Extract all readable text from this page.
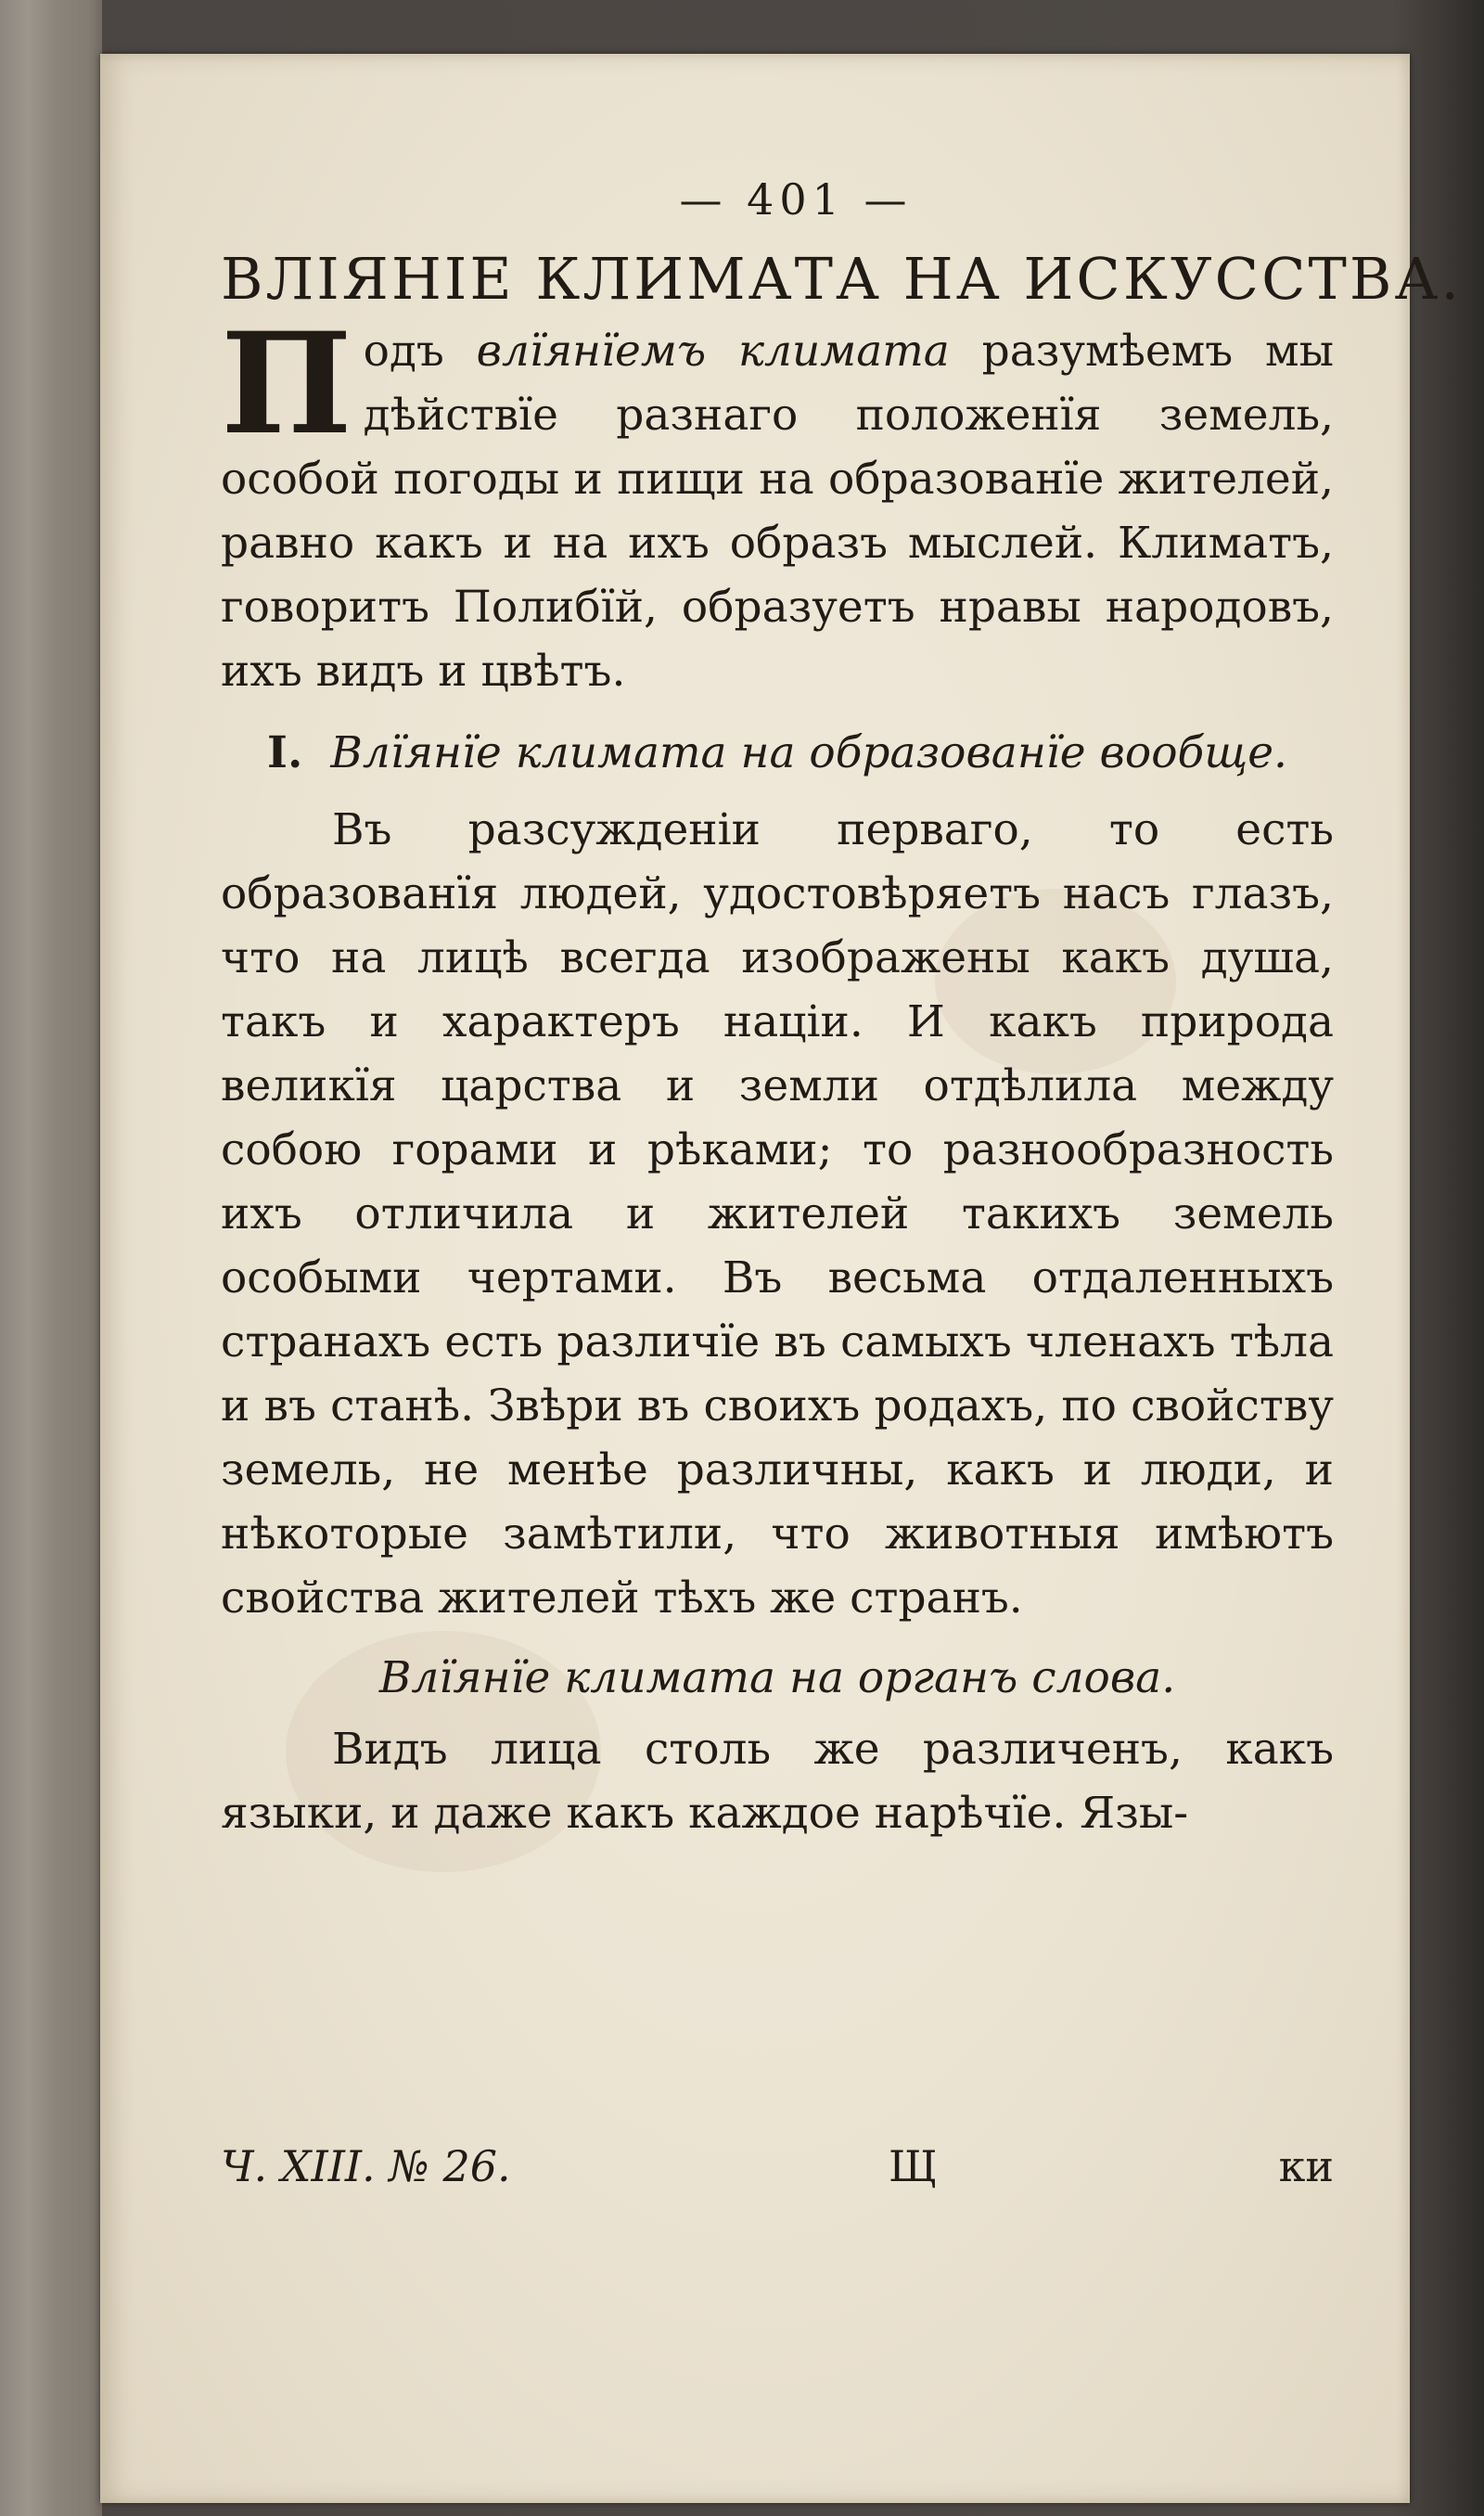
— 401 —
ВЛІЯНІЕ КЛИМАТА НА ИСКУССТВА.

Подъ влїянїемъ климата разумѣемъ мы дѣйствїе разнаго положенїя земель, особой погоды и пищи на образованїе жителей, равно какъ и на ихъ образъ мыслей. Климатъ, говоритъ Полибїй, образуетъ нравы народовъ, ихъ видъ и цвѣтъ.

I. Влїянїе климата на образованїе вообще.

Въ разсужденіи перваго, то есть образованїя людей, удостовѣряетъ насъ глазъ, что на лицѣ всегда изображены какъ душа, такъ и характеръ націи. И какъ природа великїя царства и земли отдѣлила между собою горами и рѣками; то разнообразность ихъ отличила и жителей такихъ земель особыми чертами. Въ весьма отдаленныхъ странахъ есть различїе въ самыхъ членахъ тѣла и въ станѣ. Звѣри въ своихъ родахъ, по свойству земель, не менѣе различны, какъ и люди, и нѣкоторые замѣтили, что животныя имѣютъ свойства жителей тѣхъ же странъ.

Влїянїе климата на органъ слова.

Видъ лица столь же различенъ, какъ языки, и даже какъ каждое нарѣчїе. Язы-

Ч. XIII. № 26.	Щ	ки
